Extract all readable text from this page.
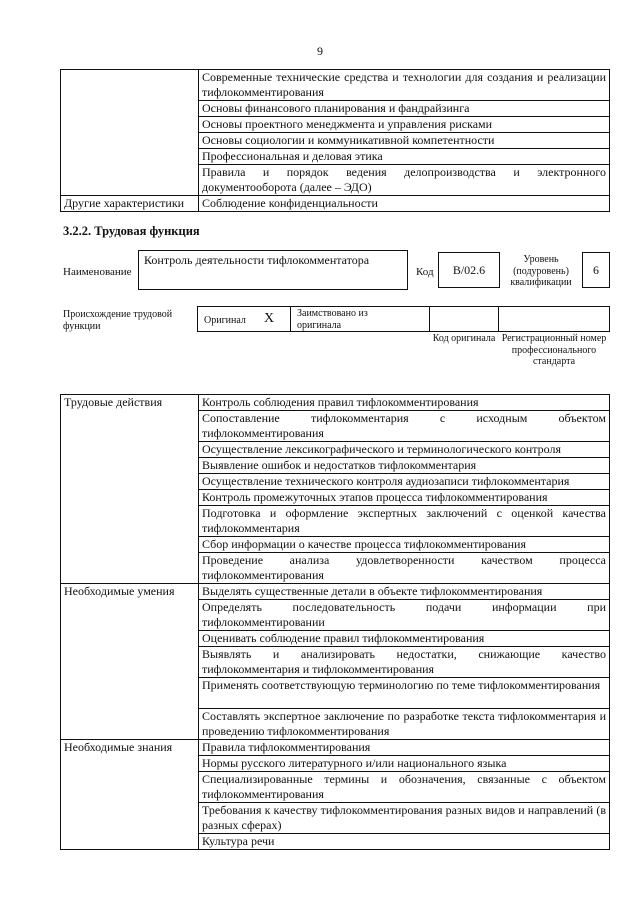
9
	Современные технические средства и технологии для создания и реализации тифлокомментирования
	Основы финансового планирования и фандрайзинга
	Основы проектного менеджмента и управления рисками
	Основы социологии и коммуникативной компетентности
	Профессиональная и деловая этика
	Правила и порядок ведения делопроизводства и электронного документооборота (далее – ЭДО)
Другие характеристики	Соблюдение конфиденциальности
3.2.2. Трудовая функция
Наименование
Контроль деятельности тифлокомментатора
Код	B/02.6
Уровень (подуровень) квалификации
6
Происхождение трудовой функции	Оригинал X Заимствовано из оригинала
Код оригинала Регистрационный номер профессионального стандарта
Трудовые действия	Контроль соблюдения правил тифлокомментирования
	Сопоставление тифлокомментария с исходным объектом тифлокомментирования
	Осуществление лексикографического и терминологического контроля
	Выявление ошибок и недостатков тифлокомментария
	Осуществление технического контроля аудиозаписи тифлокомментария
	Контроль промежуточных этапов процесса тифлокомментирования
	Подготовка и оформление экспертных заключений с оценкой качества тифлокомментария
	Сбор информации о качестве процесса тифлокомментирования
	Проведение анализа удовлетворенности качеством процесса тифлокомментирования
Необходимые умения	Выделять существенные детали в объекте тифлокомментирования
	Определять последовательность подачи информации при тифлокомментировании
	Оценивать соблюдение правил тифлокомментирования
	Выявлять и анализировать недостатки, снижающие качество тифлокомментария и тифлокомментирования
	Применять соответствующую терминологию по теме тифлокомментирования
	Составлять экспертное заключение по разработке текста тифлокомментария и проведению тифлокомментирования
Необходимые знания	Правила тифлокомментирования
	Нормы русского литературного и/или национального языка
	Специализированные термины и обозначения, связанные с объектом тифлокомментирования
	Требования к качеству тифлокомментирования разных видов и направлений (в разных сферах)
	Культура речи
